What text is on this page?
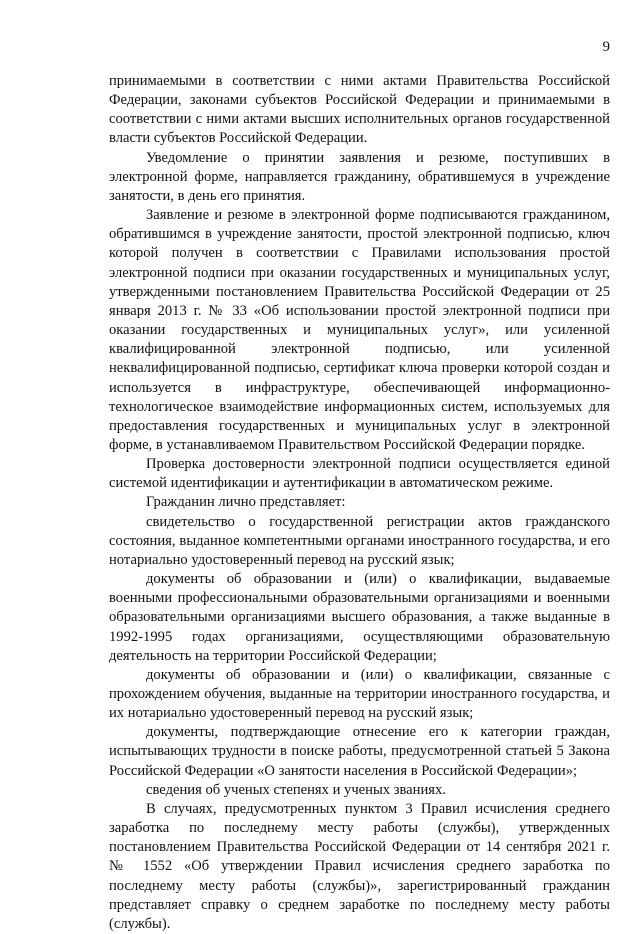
9

принимаемыми в соответствии с ними актами Правительства Российской Федерации, законами субъектов Российской Федерации и принимаемыми в соответствии с ними актами высших исполнительных органов государственной власти субъектов Российской Федерации.

Уведомление о принятии заявления и резюме, поступивших в электронной форме, направляется гражданину, обратившемуся в учреждение занятости, в день его принятия.

Заявление и резюме в электронной форме подписываются гражданином, обратившимся в учреждение занятости, простой электронной подписью, ключ которой получен в соответствии с Правилами использования простой электронной подписи при оказании государственных и муниципальных услуг, утвержденными постановлением Правительства Российской Федерации от 25 января 2013 г. № 33 «Об использовании простой электронной подписи при оказании государственных и муниципальных услуг», или усиленной квалифицированной электронной подписью, или усиленной неквалифицированной подписью, сертификат ключа проверки которой создан и используется в инфраструктуре, обеспечивающей информационно-технологическое взаимодействие информационных систем, используемых для предоставления государственных и муниципальных услуг в электронной форме, в устанавливаемом Правительством Российской Федерации порядке.

Проверка достоверности электронной подписи осуществляется единой системой идентификации и аутентификации в автоматическом режиме.

Гражданин лично представляет:

свидетельство о государственной регистрации актов гражданского состояния, выданное компетентными органами иностранного государства, и его нотариально удостоверенный перевод на русский язык;

документы об образовании и (или) о квалификации, выдаваемые военными профессиональными образовательными организациями и военными образовательными организациями высшего образования, а также выданные в 1992-1995 годах организациями, осуществляющими образовательную деятельность на территории Российской Федерации;

документы об образовании и (или) о квалификации, связанные с прохождением обучения, выданные на территории иностранного государства, и их нотариально удостоверенный перевод на русский язык;

документы, подтверждающие отнесение его к категории граждан, испытывающих трудности в поиске работы, предусмотренной статьей 5 Закона Российской Федерации «О занятости населения в Российской Федерации»;

сведения об ученых степенях и ученых званиях.

В случаях, предусмотренных пунктом 3 Правил исчисления среднего заработка по последнему месту работы (службы), утвержденных постановлением Правительства Российской Федерации от 14 сентября 2021 г. № 1552 «Об утверждении Правил исчисления среднего заработка по последнему месту работы (службы)», зарегистрированный гражданин представляет справку о среднем заработке по последнему месту работы (службы).
